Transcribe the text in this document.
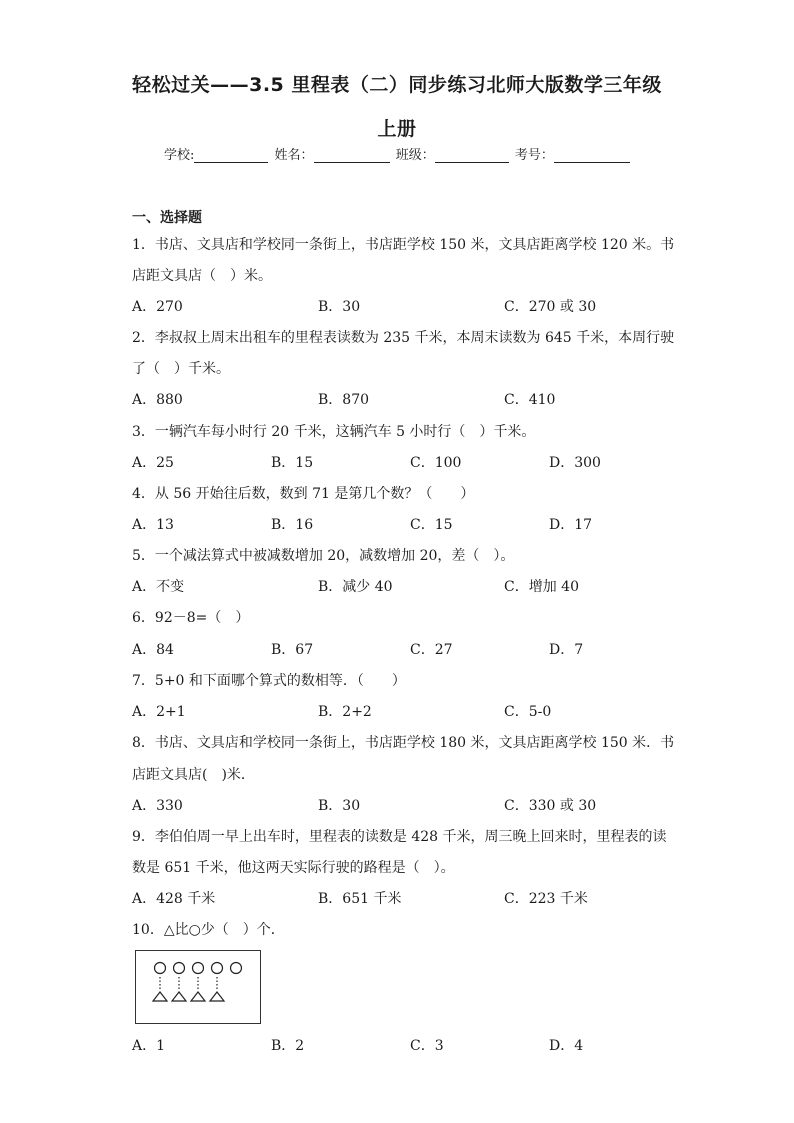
轻松过关——3.5 里程表（二）同步练习北师大版数学三年级
上册
学校:	姓名：	班级：	考号：
一、选择题
1．书店、文具店和学校同一条街上，书店距学校 150 米，文具店距离学校 120 米。书
店距文具店（　）米。
A．270	B．30	C．270 或 30
2．李叔叔上周末出租车的里程表读数为 235 千米，本周末读数为 645 千米，本周行驶
了（　）千米。
A．880	B．870	C．410
3．一辆汽车每小时行 20 千米，这辆汽车 5 小时行（　）千米。
A．25	B．15	C．100	D．300
4．从 56 开始往后数，数到 71 是第几个数？（　　）
A．13	B．16	C．15	D．17
5．一个减法算式中被减数增加 20，减数增加 20，差（　）。
A．不变	B．减少 40	C．增加 40
6．92－8=（　）
A．84	B．67	C．27	D．7
7．5+0 和下面哪个算式的数相等．（　　）
A．2+1	B．2+2	C．5-0
8．书店、文具店和学校同一条街上，书店距学校 180 米，文具店距离学校 150 米．书
店距文具店(　)米．
A．330	B．30	C．330 或 30
9．李伯伯周一早上出车时，里程表的读数是 428 千米，周三晚上回来时，里程表的读
数是 651 千米，他这两天实际行驶的路程是（　）。
A．428 千米	B．651 千米	C．223 千米
10．△比○少（　）个．
A．1	B．2	C．3	D．4
